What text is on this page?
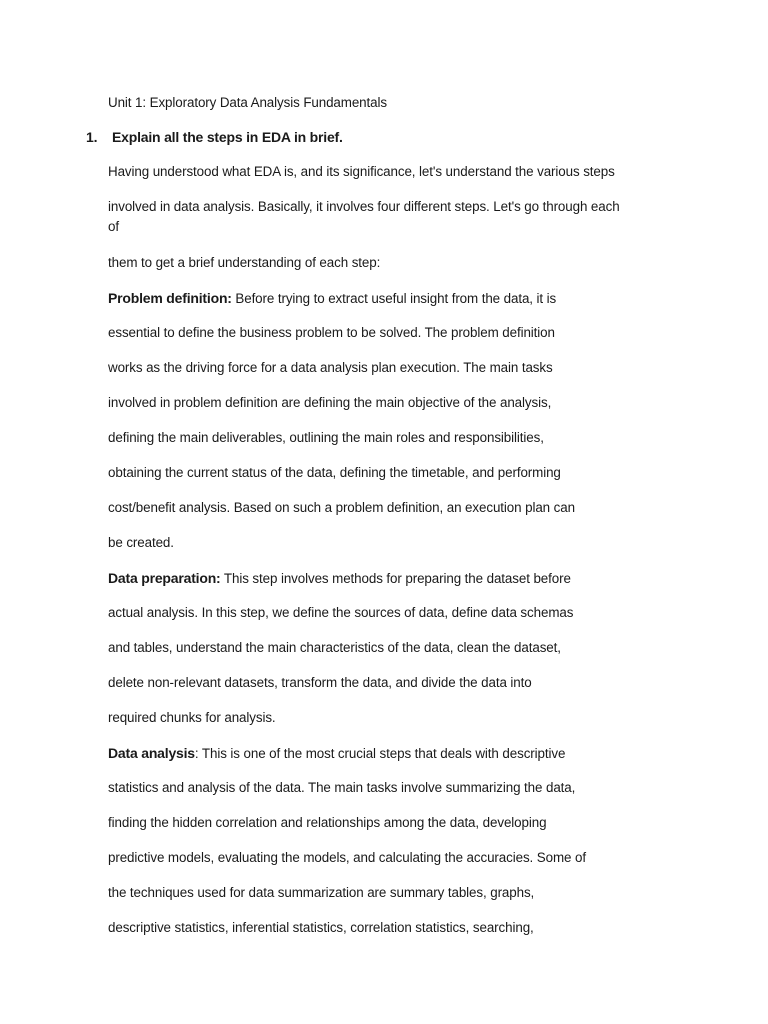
Unit 1: Exploratory Data Analysis Fundamentals
1. Explain all the steps in EDA in brief.
Having understood what EDA is, and its significance, let's understand the various steps
involved in data analysis. Basically, it involves four different steps. Let's go through each
of
them to get a brief understanding of each step:
Problem definition: Before trying to extract useful insight from the data, it is
essential to define the business problem to be solved. The problem definition
works as the driving force for a data analysis plan execution. The main tasks
involved in problem definition are defining the main objective of the analysis,
defining the main deliverables, outlining the main roles and responsibilities,
obtaining the current status of the data, defining the timetable, and performing
cost/benefit analysis. Based on such a problem definition, an execution plan can
be created.
Data preparation: This step involves methods for preparing the dataset before
actual analysis. In this step, we define the sources of data, define data schemas
and tables, understand the main characteristics of the data, clean the dataset,
delete non-relevant datasets, transform the data, and divide the data into
required chunks for analysis.
Data analysis: This is one of the most crucial steps that deals with descriptive
statistics and analysis of the data. The main tasks involve summarizing the data,
finding the hidden correlation and relationships among the data, developing
predictive models, evaluating the models, and calculating the accuracies. Some of
the techniques used for data summarization are summary tables, graphs,
descriptive statistics, inferential statistics, correlation statistics, searching,
